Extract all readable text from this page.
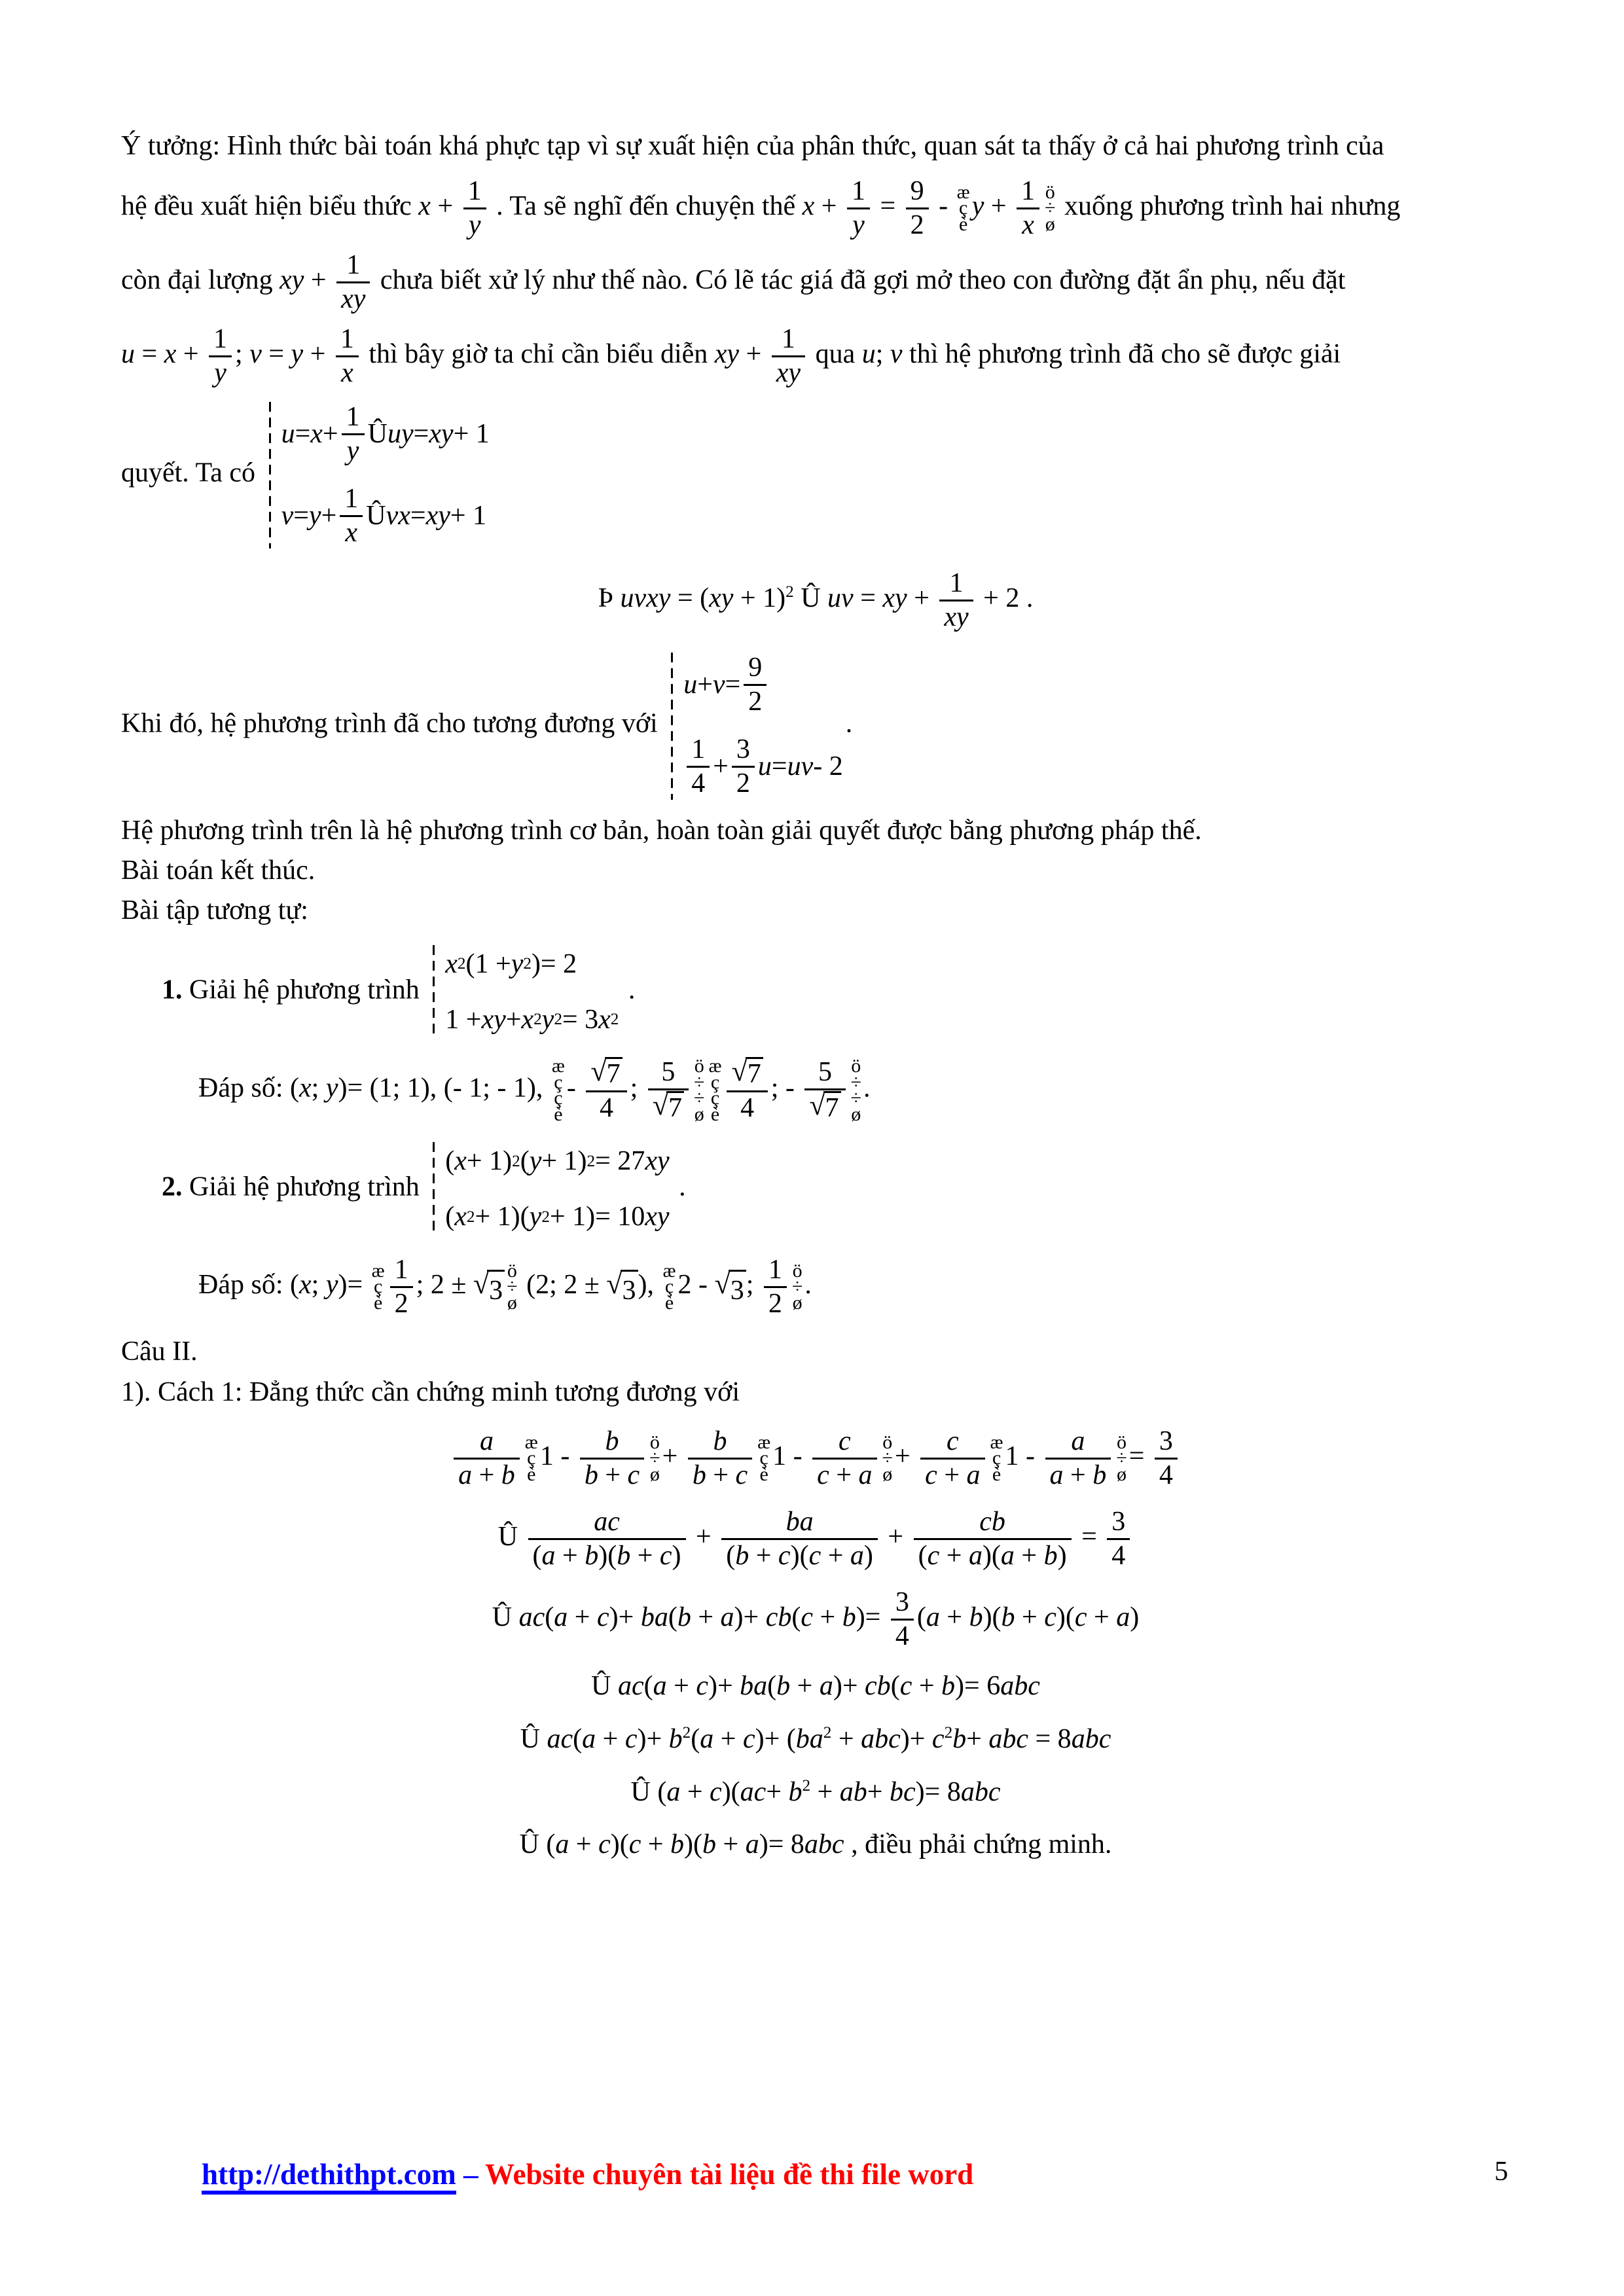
Ý tưởng: Hình thức bài toán khá phực tạp vì sự xuất hiện của phân thức, quan sát ta thấy ở cả hai phương trình của
hệ đều xuất hiện biểu thức $x + \frac{1}{y}$ . Ta sẽ nghĩ đến chuyện thế $x + \frac{1}{y} = \frac{9}{2}$ - æ
ç
è
$y + \frac{1}{x}$ ö
÷
ø
xuống phương trình hai nhưng
còn đại lượng xy + $\frac{1}{xy}$ chưa biết xử lý như thế nào. Có lẽ tác giá đã gợi mở theo con đường đặt ẩn phụ, nếu đặt
$u = x + \frac{1}{y}$ ; $v = y + \frac{1}{x}$ thì bây giờ ta chỉ cần biểu diễn xy + $\frac{1}{xy}$ qua u; v thì hệ phương trình đã cho sẽ được giải
quyết. Ta có
$u = x + \frac{1}{y}$ Û uy = xy + 1
$v = y + \frac{1}{x}$ Û vx = xy + 1
Þ uvxy = (xy + 1)$^2$ Û uv = xy + $\frac{1}{xy} + 2$ .
Khi đó, hệ phương trình đã cho tương đương với
$u + v = \frac{9}{2}$
$\frac{1}{4} + \frac{3}{2}$ u = uv - 2
.
Hệ phương trình trên là hệ phương trình cơ bản, hoàn toàn giải quyết được bằng phương pháp thế.
Bài toán kết thúc.
Bài tập tương tự:
1. Giải hệ phương trình
x 2 (1 + y 2 )= 2
1 + xy + x 2 y 2 = 3 x 2
.
Đáp số: (x; y)= (1; 1), (- 1; - 1),
æ
ç
ç
è
- $\frac{√ 7}{4}$ ; $\frac{5}{√ 7}$ ö
÷
÷
ø
æ
ç
ç
è $\frac{√ 7}{4}$ ; - $\frac{5}{√ 7}$ ö
÷
÷
ø
.
2. Giải hệ phương trình
( x + 1) 2 ( y + 1) 2 = 27 xy
( x 2 + 1)( y 2 + 1)= 10 xy
.
Đáp số: (x; y)= æ
ç
è $\frac{1}{2}$ ; 2 ± √ 3
ö
÷
ø
(2; 2 ± √ 3 ), æ
ç
è
2 - √ 3 ; $\frac{1}{2}$ ö
÷
ø
.
Câu II.
1). Cách 1: Đẳng thức cần chứng minh tương đương với
$\frac{a}{a + b}$ æ
ç
è
$1 - \frac{b}{b + c}$ ö
÷
ø
+ $\frac{b}{b + c}$ æ
ç
è
$1 - \frac{c}{c + a}$ ö
÷
ø
+ $\frac{c}{c + a}$ æ
ç
è
$1 - \frac{a}{a + b}$ ö
÷
ø
= $\frac{3}{4}$
Û $\frac{ac}{(a + b)(b + c)} + \frac{ba}{(b + c)(c + a)} + \frac{cb}{(c + a)(a + b)} = \frac{3}{4}$
Û $ac(a + c)+ ba(b + a)+ cb(c + b)= \frac{3}{4} (a + b)(b + c)(c + a)$
Û ac(a + c)+ ba(b + a)+ cb(c + b)= 6abc
Û $ac(a + c)+ b^2(a + c)+ (ba^2 + abc)+ c^2b+$ abc = 8abc
Û $(a + c)(ac+ b^2 + ab+ bc)= 8abc$
Û (a + c)(c + b)(b + a)= 8abc , điều phải chứng minh.
http://dethithpt.com – Website chuyên tài liệu đề thi file word	5
